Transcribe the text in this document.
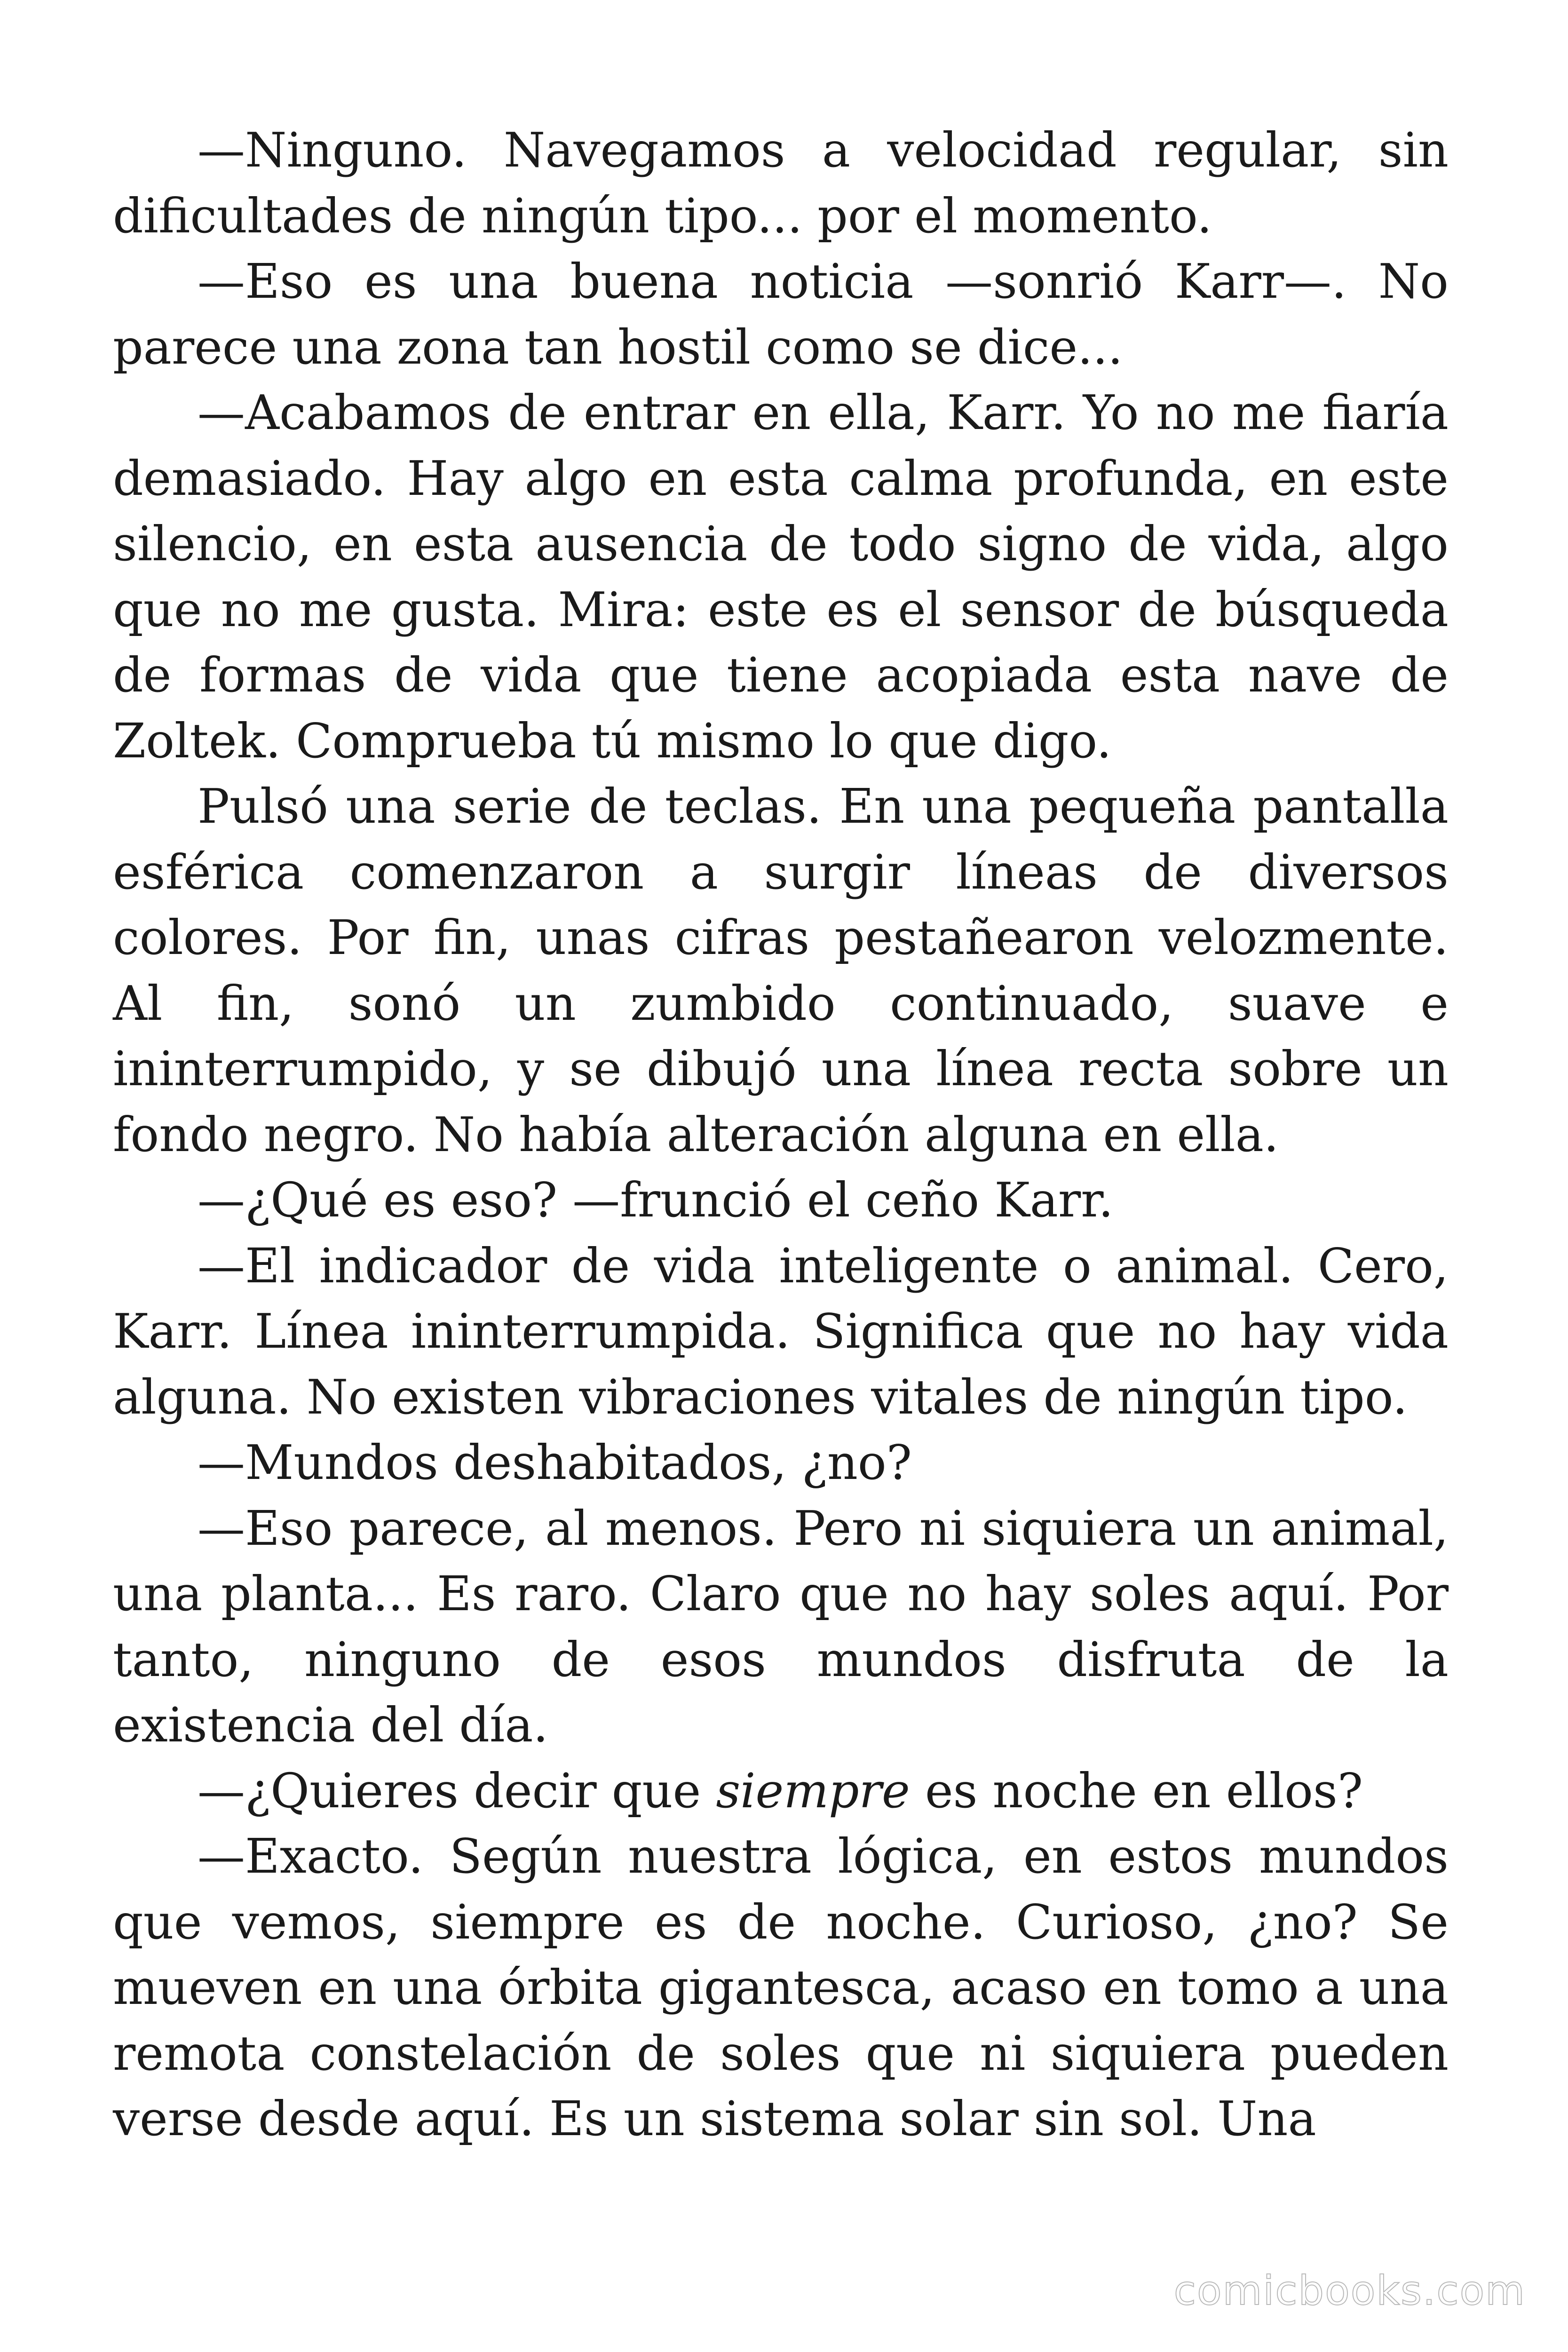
—Ninguno. Navegamos a velocidad regular, sin dificultades de ningún tipo... por el momento.

—Eso es una buena noticia —sonrió Karr—. No parece una zona tan hostil como se dice...

—Acabamos de entrar en ella, Karr. Yo no me fiaría demasiado. Hay algo en esta calma profunda, en este silencio, en esta ausencia de todo signo de vida, algo que no me gusta. Mira: este es el sensor de búsqueda de formas de vida que tiene acopiada esta nave de Zoltek. Comprueba tú mismo lo que digo.

Pulsó una serie de teclas. En una pequeña pantalla esférica comenzaron a surgir líneas de diversos colores. Por fin, unas cifras pestañearon velozmente. Al fin, sonó un zumbido continuado, suave e ininterrumpido, y se dibujó una línea recta sobre un fondo negro. No había alteración alguna en ella.

—¿Qué es eso? —frunció el ceño Karr.

—El indicador de vida inteligente o animal. Cero, Karr. Línea ininterrumpida. Significa que no hay vida alguna. No existen vibraciones vitales de ningún tipo.

—Mundos deshabitados, ¿no?

—Eso parece, al menos. Pero ni siquiera un animal, una planta... Es raro. Claro que no hay soles aquí. Por tanto, ninguno de esos mundos disfruta de la existencia del día.

—¿Quieres decir que siempre es noche en ellos?

—Exacto. Según nuestra lógica, en estos mundos que vemos, siempre es de noche. Curioso, ¿no? Se mueven en una órbita gigantesca, acaso en tomo a una remota constelación de soles que ni siquiera pueden verse desde aquí. Es un sistema solar sin sol. Una

comicbooks.com
